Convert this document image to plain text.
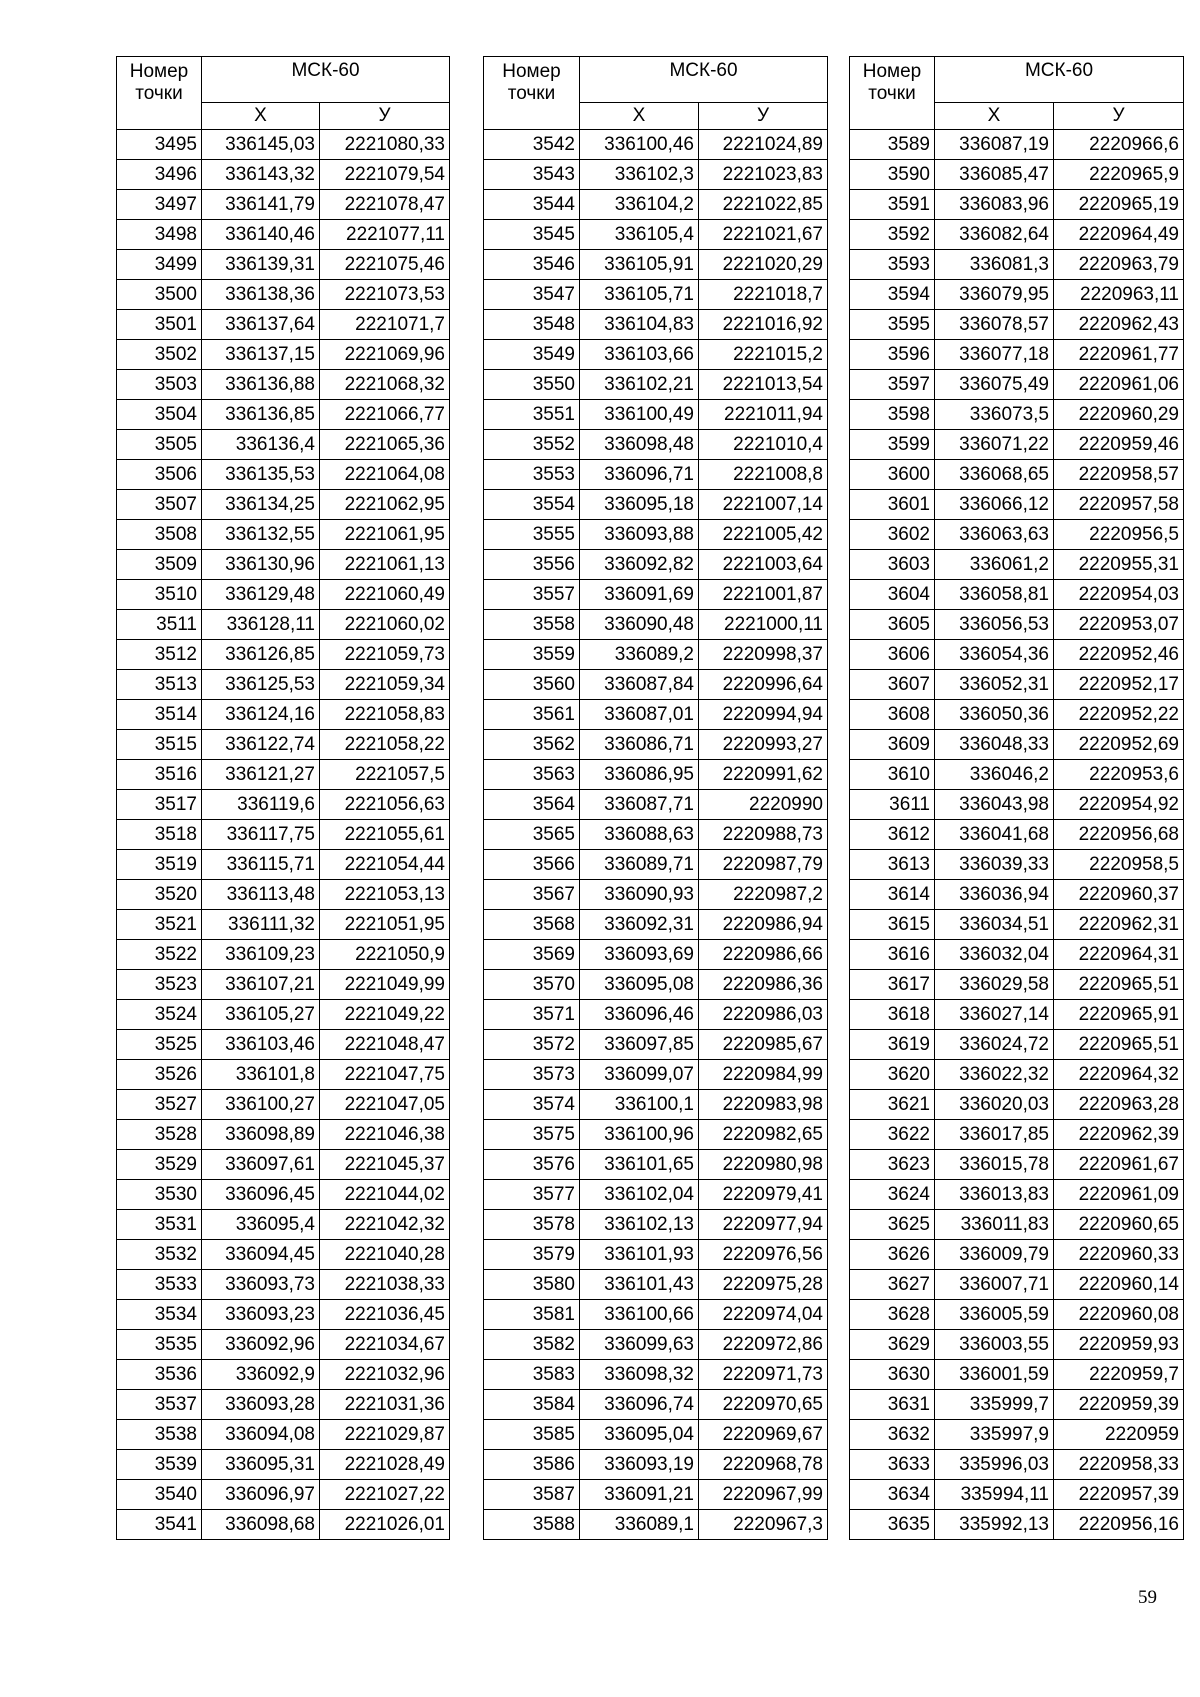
Номер точки	МСК-60	
	X	У
3495	336145,03	2221080,33
3496	336143,32	2221079,54
3497	336141,79	2221078,47
3498	336140,46	2221077,11
3499	336139,31	2221075,46
3500	336138,36	2221073,53
3501	336137,64	2221071,7
3502	336137,15	2221069,96
3503	336136,88	2221068,32
3504	336136,85	2221066,77
3505	336136,4	2221065,36
3506	336135,53	2221064,08
3507	336134,25	2221062,95
3508	336132,55	2221061,95
3509	336130,96	2221061,13
3510	336129,48	2221060,49
3511	336128,11	2221060,02
3512	336126,85	2221059,73
3513	336125,53	2221059,34
3514	336124,16	2221058,83
3515	336122,74	2221058,22
3516	336121,27	2221057,5
3517	336119,6	2221056,63
3518	336117,75	2221055,61
3519	336115,71	2221054,44
3520	336113,48	2221053,13
3521	336111,32	2221051,95
3522	336109,23	2221050,9
3523	336107,21	2221049,99
3524	336105,27	2221049,22
3525	336103,46	2221048,47
3526	336101,8	2221047,75
3527	336100,27	2221047,05
3528	336098,89	2221046,38
3529	336097,61	2221045,37
3530	336096,45	2221044,02
3531	336095,4	2221042,32
3532	336094,45	2221040,28
3533	336093,73	2221038,33
3534	336093,23	2221036,45
3535	336092,96	2221034,67
3536	336092,9	2221032,96
3537	336093,28	2221031,36
3538	336094,08	2221029,87
3539	336095,31	2221028,49
3540	336096,97	2221027,22
3541	336098,68	2221026,01
Номер точки	МСК-60	
	X	У
3542	336100,46	2221024,89
3543	336102,3	2221023,83
3544	336104,2	2221022,85
3545	336105,4	2221021,67
3546	336105,91	2221020,29
3547	336105,71	2221018,7
3548	336104,83	2221016,92
3549	336103,66	2221015,2
3550	336102,21	2221013,54
3551	336100,49	2221011,94
3552	336098,48	2221010,4
3553	336096,71	2221008,8
3554	336095,18	2221007,14
3555	336093,88	2221005,42
3556	336092,82	2221003,64
3557	336091,69	2221001,87
3558	336090,48	2221000,11
3559	336089,2	2220998,37
3560	336087,84	2220996,64
3561	336087,01	2220994,94
3562	336086,71	2220993,27
3563	336086,95	2220991,62
3564	336087,71	2220990
3565	336088,63	2220988,73
3566	336089,71	2220987,79
3567	336090,93	2220987,2
3568	336092,31	2220986,94
3569	336093,69	2220986,66
3570	336095,08	2220986,36
3571	336096,46	2220986,03
3572	336097,85	2220985,67
3573	336099,07	2220984,99
3574	336100,1	2220983,98
3575	336100,96	2220982,65
3576	336101,65	2220980,98
3577	336102,04	2220979,41
3578	336102,13	2220977,94
3579	336101,93	2220976,56
3580	336101,43	2220975,28
3581	336100,66	2220974,04
3582	336099,63	2220972,86
3583	336098,32	2220971,73
3584	336096,74	2220970,65
3585	336095,04	2220969,67
3586	336093,19	2220968,78
3587	336091,21	2220967,99
3588	336089,1	2220967,3
Номер точки	МСК-60	
	X	У
3589	336087,19	2220966,6
3590	336085,47	2220965,9
3591	336083,96	2220965,19
3592	336082,64	2220964,49
3593	336081,3	2220963,79
3594	336079,95	2220963,11
3595	336078,57	2220962,43
3596	336077,18	2220961,77
3597	336075,49	2220961,06
3598	336073,5	2220960,29
3599	336071,22	2220959,46
3600	336068,65	2220958,57
3601	336066,12	2220957,58
3602	336063,63	2220956,5
3603	336061,2	2220955,31
3604	336058,81	2220954,03
3605	336056,53	2220953,07
3606	336054,36	2220952,46
3607	336052,31	2220952,17
3608	336050,36	2220952,22
3609	336048,33	2220952,69
3610	336046,2	2220953,6
3611	336043,98	2220954,92
3612	336041,68	2220956,68
3613	336039,33	2220958,5
3614	336036,94	2220960,37
3615	336034,51	2220962,31
3616	336032,04	2220964,31
3617	336029,58	2220965,51
3618	336027,14	2220965,91
3619	336024,72	2220965,51
3620	336022,32	2220964,32
3621	336020,03	2220963,28
3622	336017,85	2220962,39
3623	336015,78	2220961,67
3624	336013,83	2220961,09
3625	336011,83	2220960,65
3626	336009,79	2220960,33
3627	336007,71	2220960,14
3628	336005,59	2220960,08
3629	336003,55	2220959,93
3630	336001,59	2220959,7
3631	335999,7	2220959,39
3632	335997,9	2220959
3633	335996,03	2220958,33
3634	335994,11	2220957,39
3635	335992,13	2220956,16
59
